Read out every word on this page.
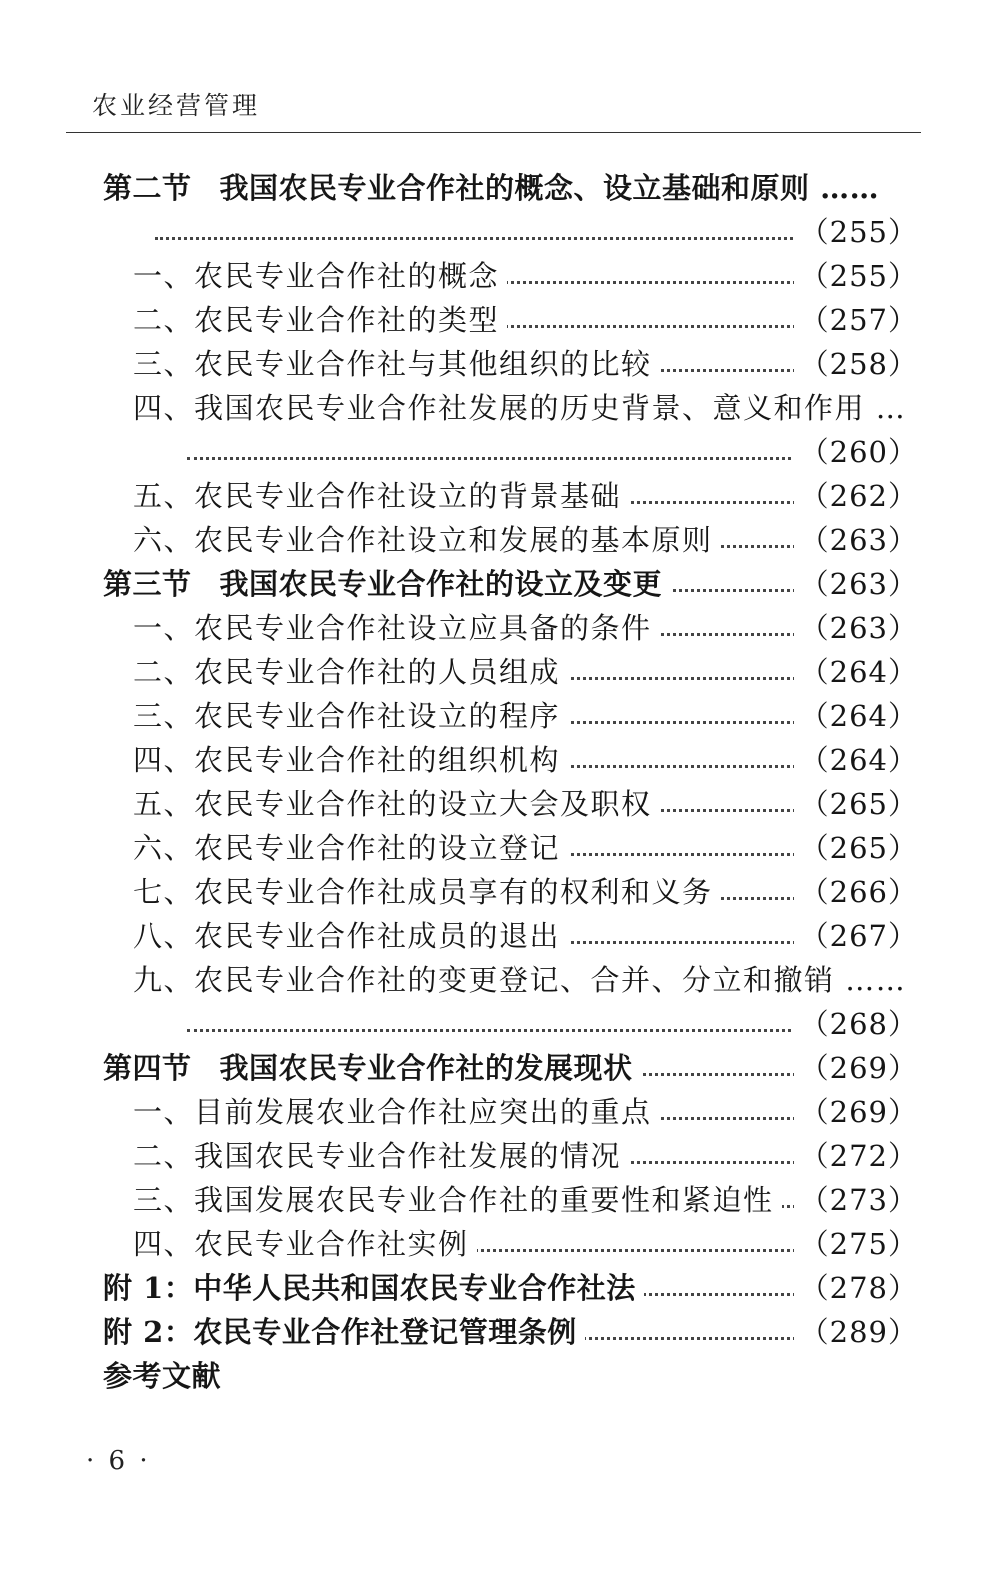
农业经营管理
第二节 我国农民专业合作社的概念、设立基础和原则 ……
（255）
一、农民专业合作社的概念	（255）
二、农民专业合作社的类型	（257）
三、农民专业合作社与其他组织的比较	（258）
四、我国农民专业合作社发展的历史背景、意义和作用 …
（260）
五、农民专业合作社设立的背景基础	（262）
六、农民专业合作社设立和发展的基本原则	（263）
第三节 我国农民专业合作社的设立及变更	（263）
一、农民专业合作社设立应具备的条件	（263）
二、农民专业合作社的人员组成	（264）
三、农民专业合作社设立的程序	（264）
四、农民专业合作社的组织机构	（264）
五、农民专业合作社的设立大会及职权	（265）
六、农民专业合作社的设立登记	（265）
七、农民专业合作社成员享有的权利和义务	（266）
八、农民专业合作社成员的退出	（267）
九、农民专业合作社的变更登记、合并、分立和撤销 ……
（268）
第四节 我国农民专业合作社的发展现状	（269）
一、目前发展农业合作社应突出的重点	（269）
二、我国农民专业合作社发展的情况	（272）
三、我国发展农民专业合作社的重要性和紧迫性 （273）
四、农民专业合作社实例	（275）
附 1：中华人民共和国农民专业合作社法	（278）
附 2：农民专业合作社登记管理条例	（289）
参考文献
· 6 ·
